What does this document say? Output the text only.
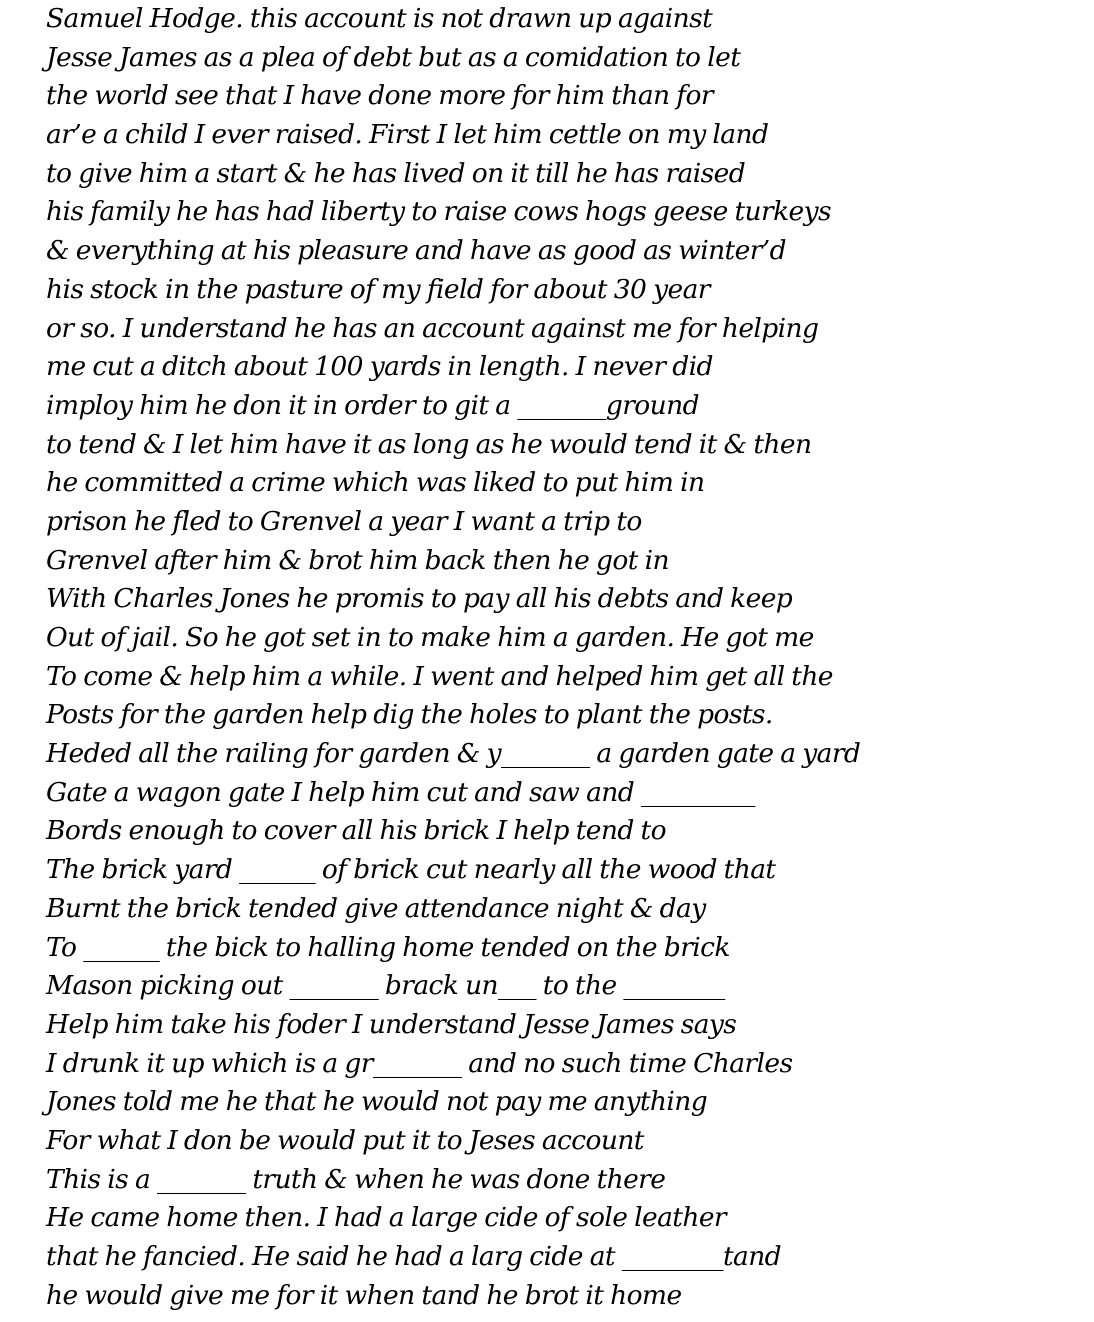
Samuel Hodge. this account is not drawn up against
Jesse James as a plea of debt but as a comidation to let
the world see that I have done more for him than for
ar’e a child I ever raised. First I let him cettle on my land
to give him a start & he has lived on it till he has raised
his family he has had liberty to raise cows hogs geese turkeys
& everything at his pleasure and have as good as winter’d
his stock in the pasture of my field for about 30 year
or so. I understand he has an account against me for helping
me cut a ditch about 100 yards in length. I never did
imploy him he don it in order to git a _______ground
to tend & I let him have it as long as he would tend it & then
he committed a crime which was liked to put him in
prison he fled to Grenvel a year I want a trip to
Grenvel after him & brot him back then he got in
With Charles Jones he promis to pay all his debts and keep
Out of jail. So he got set in to make him a garden. He got me
To come & help him a while. I went and helped him get all the
Posts for the garden help dig the holes to plant the posts.
Heded all the railing for garden & y_______ a garden gate a yard
Gate a wagon gate I help him cut and saw and _________
Bords enough to cover all his brick I help tend to
The brick yard ______ of brick cut nearly all the wood that
Burnt the brick tended give attendance night & day
To ______ the bick to halling home tended on the brick
Mason picking out _______ brack un___ to the ________
Help him take his foder I understand Jesse James says
I drunk it up which is a gr_______ and no such time Charles
Jones told me he that he would not pay me anything
For what I don be would put it to Jeses account
This is a _______ truth & when he was done there
He came home then. I had a large cide of sole leather
that he fancied. He said he had a larg cide at ________tand
he would give me for it when tand he brot it home
